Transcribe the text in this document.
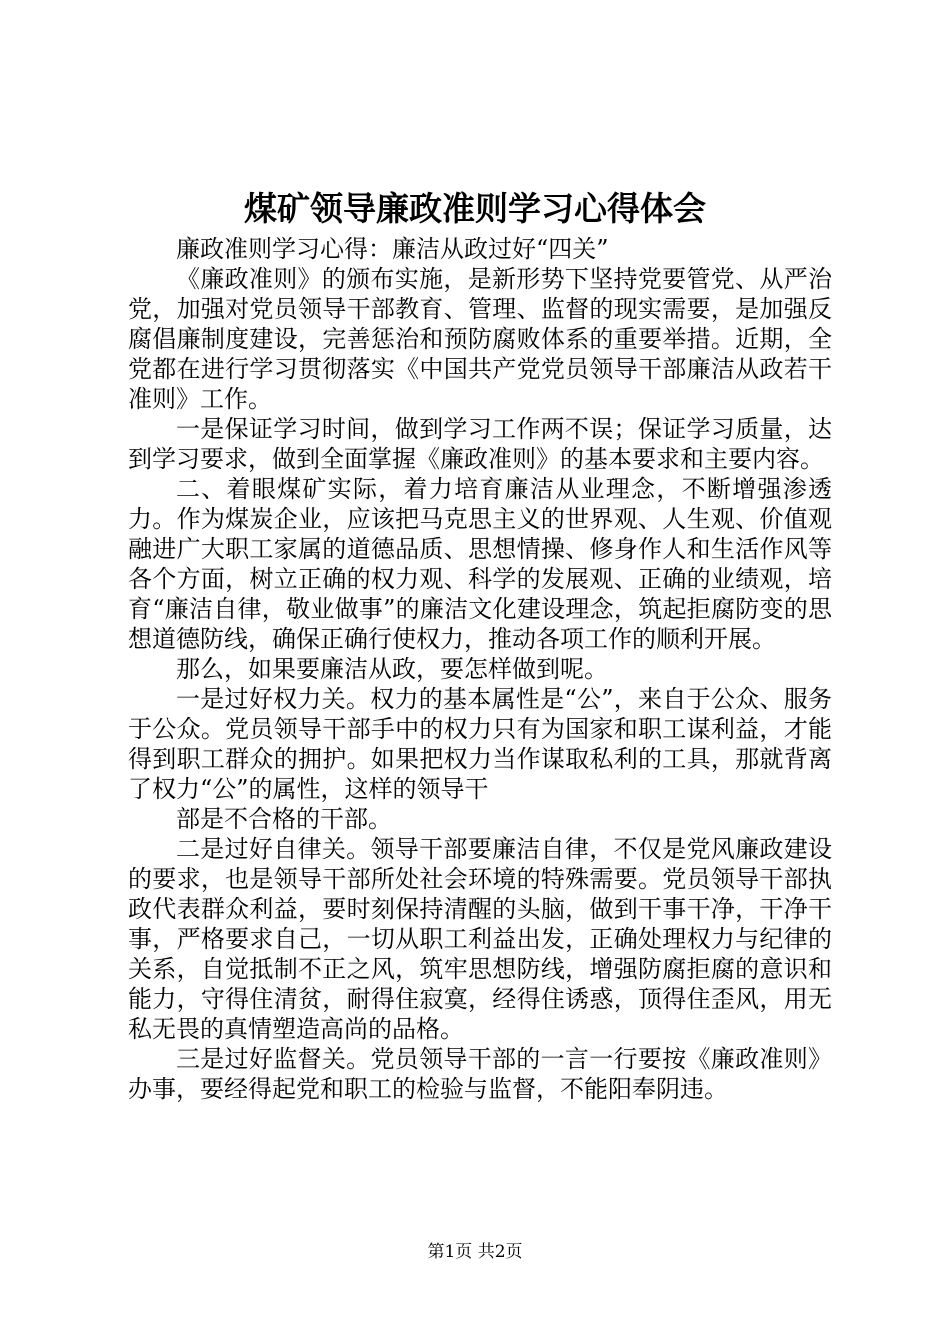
煤矿领导廉政准则学习心得体会

廉政准则学习心得：廉洁从政过好“四关”

《廉政准则》的颁布实施，是新形势下坚持党要管党、从严治党，加强对党员领导干部教育、管理、监督的现实需要，是加强反腐倡廉制度建设，完善惩治和预防腐败体系的重要举措。近期，全党都在进行学习贯彻落实《中国共产党党员领导干部廉洁从政若干准则》工作。

一是保证学习时间，做到学习工作两不误；保证学习质量，达到学习要求，做到全面掌握《廉政准则》的基本要求和主要内容。

二、着眼煤矿实际，着力培育廉洁从业理念，不断增强渗透力。作为煤炭企业，应该把马克思主义的世界观、人生观、价值观融进广大职工家属的道德品质、思想情操、修身作人和生活作风等各个方面，树立正确的权力观、科学的发展观、正确的业绩观，培育“廉洁自律，敬业做事”的廉洁文化建设理念，筑起拒腐防变的思想道德防线，确保正确行使权力，推动各项工作的顺利开展。

那么，如果要廉洁从政，要怎样做到呢。

一是过好权力关。权力的基本属性是“公”，来自于公众、服务于公众。党员领导干部手中的权力只有为国家和职工谋利益，才能得到职工群众的拥护。如果把权力当作谋取私利的工具，那就背离了权力“公”的属性，这样的领导干

部是不合格的干部。

二是过好自律关。领导干部要廉洁自律，不仅是党风廉政建设的要求，也是领导干部所处社会环境的特殊需要。党员领导干部执政代表群众利益，要时刻保持清醒的头脑，做到干事干净，干净干事，严格要求自己，一切从职工利益出发，正确处理权力与纪律的关系，自觉抵制不正之风，筑牢思想防线，增强防腐拒腐的意识和能力，守得住清贫，耐得住寂寞，经得住诱惑，顶得住歪风，用无私无畏的真情塑造高尚的品格。

三是过好监督关。党员领导干部的一言一行要按《廉政准则》办事，要经得起党和职工的检验与监督，不能阳奉阴违。

第1页 共2页
